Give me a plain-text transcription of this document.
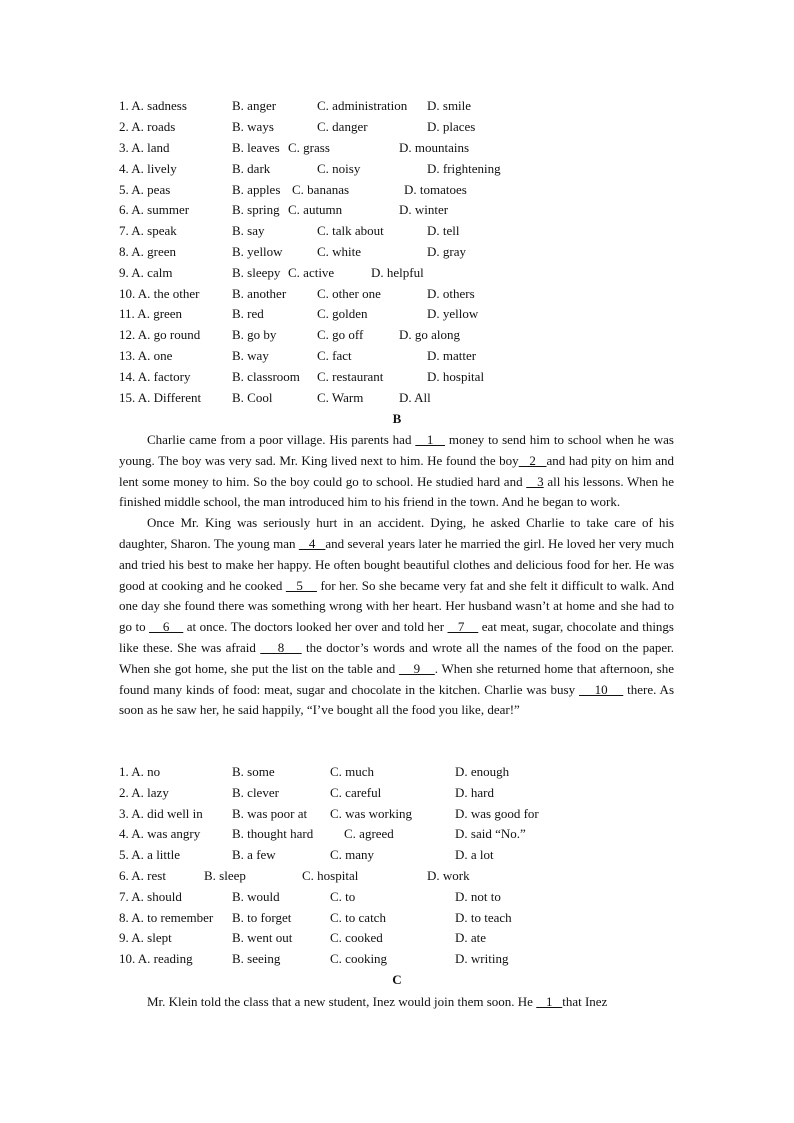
1. A. sadness	B. anger	C. administration D. smile
2. A. roads	B. ways	C. danger	D. places
3. A. land	B. leaves C. grass	D. mountains
4. A. lively	B. dark	C. noisy	D. frightening
5. A. peas	B. apples C. bananas	D. tomatoes
6. A. summer	B. spring C. autumn	D. winter
7. A. speak	B. say	C. talk about	D. tell
8. A. green	B. yellow	C. white	D. gray
9. A. calm	B. sleepy C. active	D. helpful
10. A. the other B. another C. other one	D. others
11. A. green	B. red	C. golden	D. yellow
12. A. go round B. go by	C. go off	D. go along
13. A. one	B. way	C. fact	D. matter
14. A. factory	B. classroom C. restaurant	D. hospital
15. A. Different B. Cool	C. Warm	D. All
B

Charlie came from a poor village. His parents had    1    money to send him to school when he was young. The boy was very sad. Mr. King lived next to him. He found the boy   2   and had pity on him and lent some money to him. So the boy could go to school. He studied hard and    3 all his lessons. When he finished middle school, the man introduced him to his friend in the town. And he began to work.

Once Mr. King was seriously hurt in an accident. Dying, he asked Charlie to take care of his daughter, Sharon. The young man    4   and several years later he married the girl. He loved her very much and tried his best to make her happy. He often bought beautiful clothes and delicious food for her. He was good at cooking and he cooked    5     for her. So she became very fat and she felt it difficult to walk. And one day she found there was something wrong with her heart. Her husband wasn’t at home and she had to go to     6     at once. The doctors looked her over and told her    7     eat meat, sugar, chocolate and things like these. She was afraid     8     the doctor’s words and wrote all the names of the food on the paper. When she got home, she put the list on the table and     9    . When she returned home that afternoon, she found many kinds of food: meat, sugar and chocolate in the kitchen. Charlie was busy     10     there. As soon as he saw her, he said happily, “I’ve bought all the food you like, dear!”

1. A. no	B. some	C. much	D. enough
2. A. lazy	B. clever	C. careful	D. hard
3. A. did well in B. was poor at C. was working	D. was good for
4. A. was angry B. thought hard C. agreed	D. said “No.”
5. A. a little	B. a few	C. many	D. a lot
6. A. rest	B. sleep	C. hospital	D. work
7. A. should	B. would	C. to	D. not to
8. A. to remember B. to forget	C. to catch	D. to teach
9. A. slept	B. went out	C. cooked	D. ate
10. A. reading	B. seeing	C. cooking	D. writing
C

Mr. Klein told the class that a new student, Inez would join them soon. He    1   that Inez
